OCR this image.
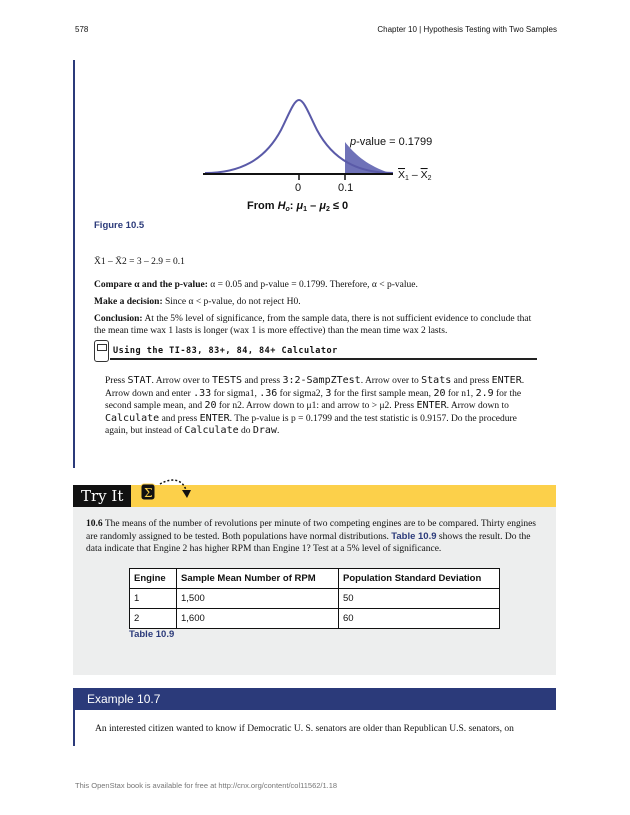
578	Chapter 10 | Hypothesis Testing with Two Samples
p-value = 0.1799
0	0.1
X1 – X2
From Ho: μ1 – μ2 ≤ 0
Figure 10.5
X̄1 – X̄2 = 3 – 2.9 = 0.1
Compare α and the p-value: α = 0.05 and p-value = 0.1799. Therefore, α < p-value.
Make a decision: Since α < p-value, do not reject H0.
Conclusion: At the 5% level of significance, from the sample data, there is not sufficient evidence to conclude that the mean time wax 1 lasts is longer (wax 1 is more effective) than the mean time wax 2 lasts.
Using the TI-83, 83+, 84, 84+ Calculator
Press STAT. Arrow over to TESTS and press 3:2-SampZTest. Arrow over to Stats and press ENTER. Arrow down and enter .33 for sigma1, .36 for sigma2, 3 for the first sample mean, 20 for n1, 2.9 for the second sample mean, and 20 for n2. Arrow down to μ1: and arrow to > μ2. Press ENTER. Arrow down to Calculate and press ENTER. The p-value is p = 0.1799 and the test statistic is 0.9157. Do the procedure again, but instead of Calculate do Draw.
Try It	Σ
10.6 The means of the number of revolutions per minute of two competing engines are to be compared. Thirty engines are randomly assigned to be tested. Both populations have normal distributions. Table 10.9 shows the result. Do the data indicate that Engine 2 has higher RPM than Engine 1? Test at a 5% level of significance.
Engine	Sample Mean Number of RPM	Population Standard Deviation
1	1,500	50
2	1,600	60
Table 10.9
Example 10.7
An interested citizen wanted to know if Democratic U. S. senators are older than Republican U.S. senators, on
This OpenStax book is available for free at http://cnx.org/content/col11562/1.18
